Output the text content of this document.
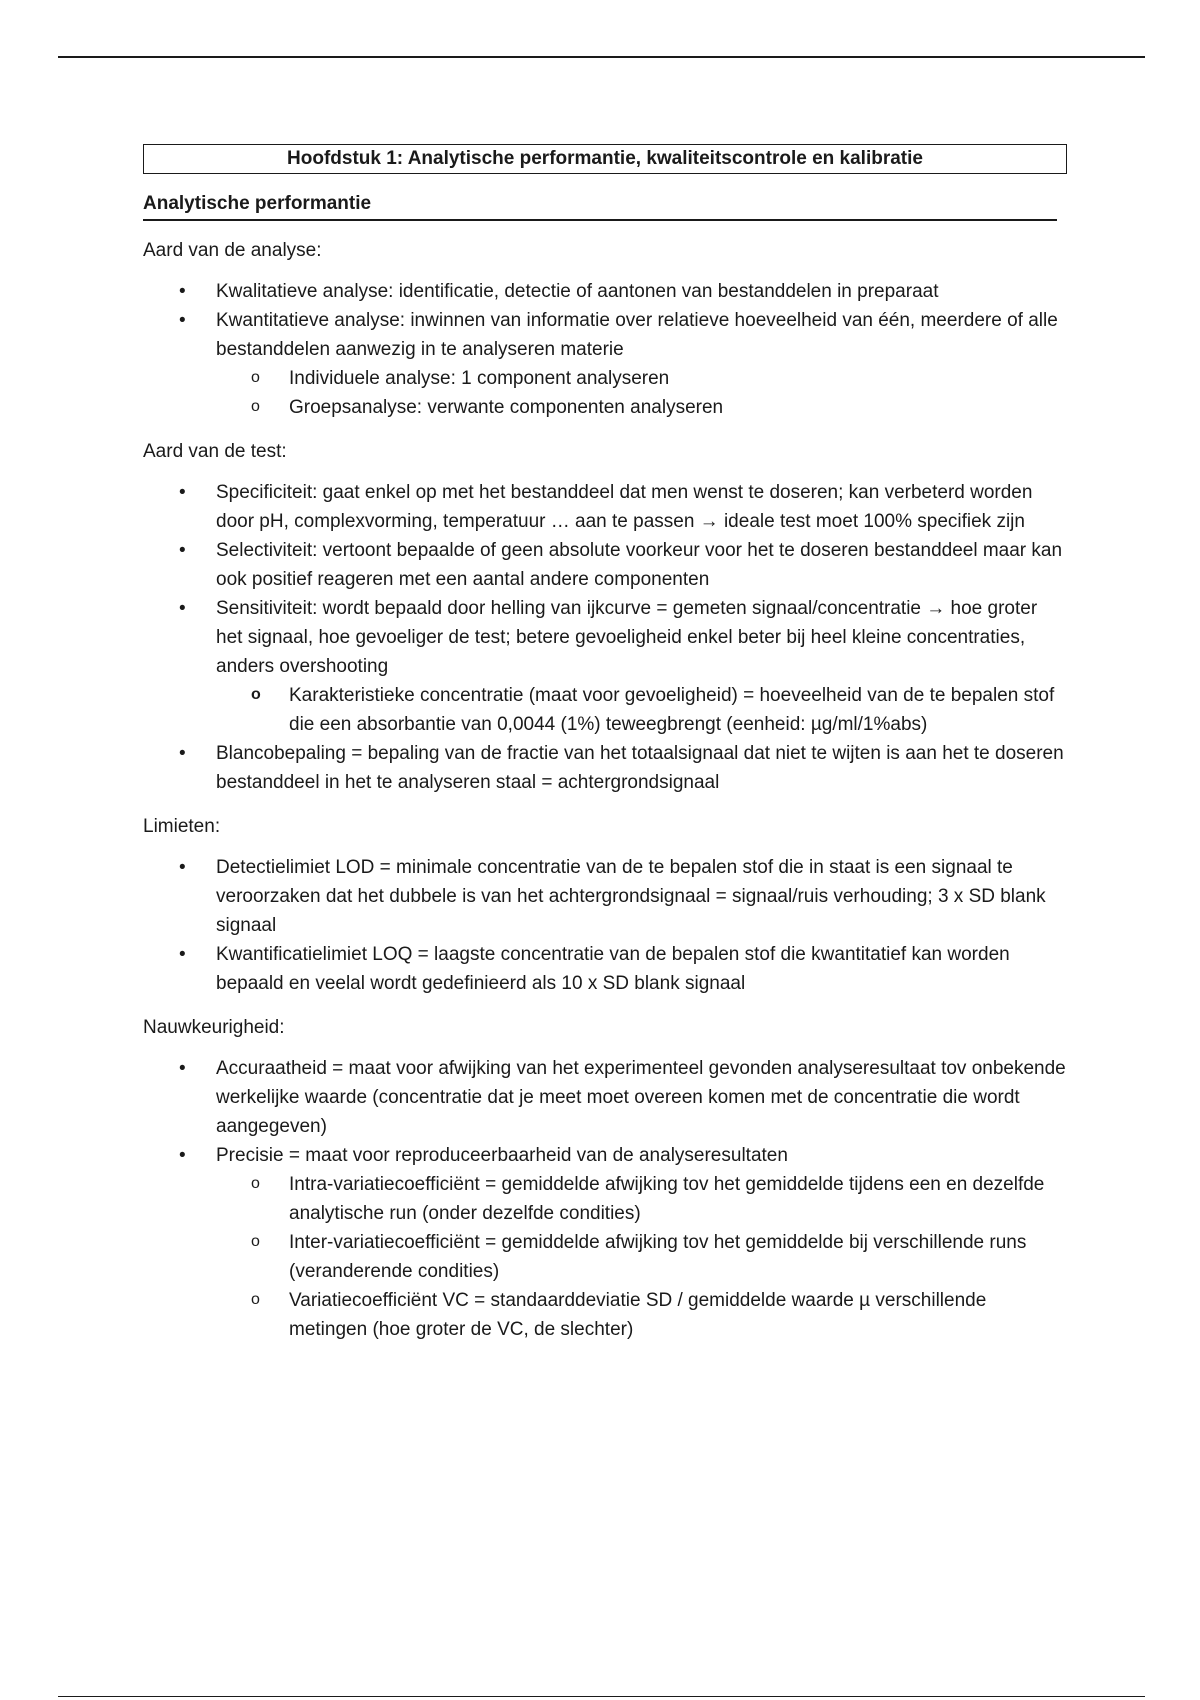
Hoofdstuk 1: Analytische performantie, kwaliteitscontrole en kalibratie
Analytische performantie
Aard van de analyse:
• Kwalitatieve analyse: identificatie, detectie of aantonen van bestanddelen in preparaat
• Kwantitatieve analyse: inwinnen van informatie over relatieve hoeveelheid van één, meerdere of alle bestanddelen aanwezig in te analyseren materie
o Individuele analyse: 1 component analyseren
o Groepsanalyse: verwante componenten analyseren
Aard van de test:
• Specificiteit: gaat enkel op met het bestanddeel dat men wenst te doseren; kan verbeterd worden door pH, complexvorming, temperatuur … aan te passen → ideale test moet 100% specifiek zijn
• Selectiviteit: vertoont bepaalde of geen absolute voorkeur voor het te doseren bestanddeel maar kan ook positief reageren met een aantal andere componenten
• Sensitiviteit: wordt bepaald door helling van ijkcurve = gemeten signaal/concentratie → hoe groter het signaal, hoe gevoeliger de test; betere gevoeligheid enkel beter bij heel kleine concentraties, anders overshooting
o Karakteristieke concentratie (maat voor gevoeligheid) = hoeveelheid van de te bepalen stof die een absorbantie van 0,0044 (1%) teweegbrengt (eenheid: µg/ml/1%abs)
• Blancobepaling = bepaling van de fractie van het totaalsignaal dat niet te wijten is aan het te doseren bestanddeel in het te analyseren staal = achtergrondsignaal
Limieten:
• Detectielimiet LOD = minimale concentratie van de te bepalen stof die in staat is een signaal te veroorzaken dat het dubbele is van het achtergrondsignaal = signaal/ruis verhouding; 3 x SD blank signaal
• Kwantificatielimiet LOQ = laagste concentratie van de bepalen stof die kwantitatief kan worden bepaald en veelal wordt gedefinieerd als 10 x SD blank signaal
Nauwkeurigheid:
• Accuraatheid = maat voor afwijking van het experimenteel gevonden analyseresultaat tov onbekende werkelijke waarde (concentratie dat je meet moet overeen komen met de concentratie die wordt aangegeven)
• Precisie = maat voor reproduceerbaarheid van de analyseresultaten
o Intra-variatiecoefficiënt = gemiddelde afwijking tov het gemiddelde tijdens een en dezelfde analytische run (onder dezelfde condities)
o Inter-variatiecoefficiënt = gemiddelde afwijking tov het gemiddelde bij verschillende runs (veranderende condities)
o Variatiecoefficiënt VC = standaarddeviatie SD / gemiddelde waarde µ verschillende metingen (hoe groter de VC, de slechter)
